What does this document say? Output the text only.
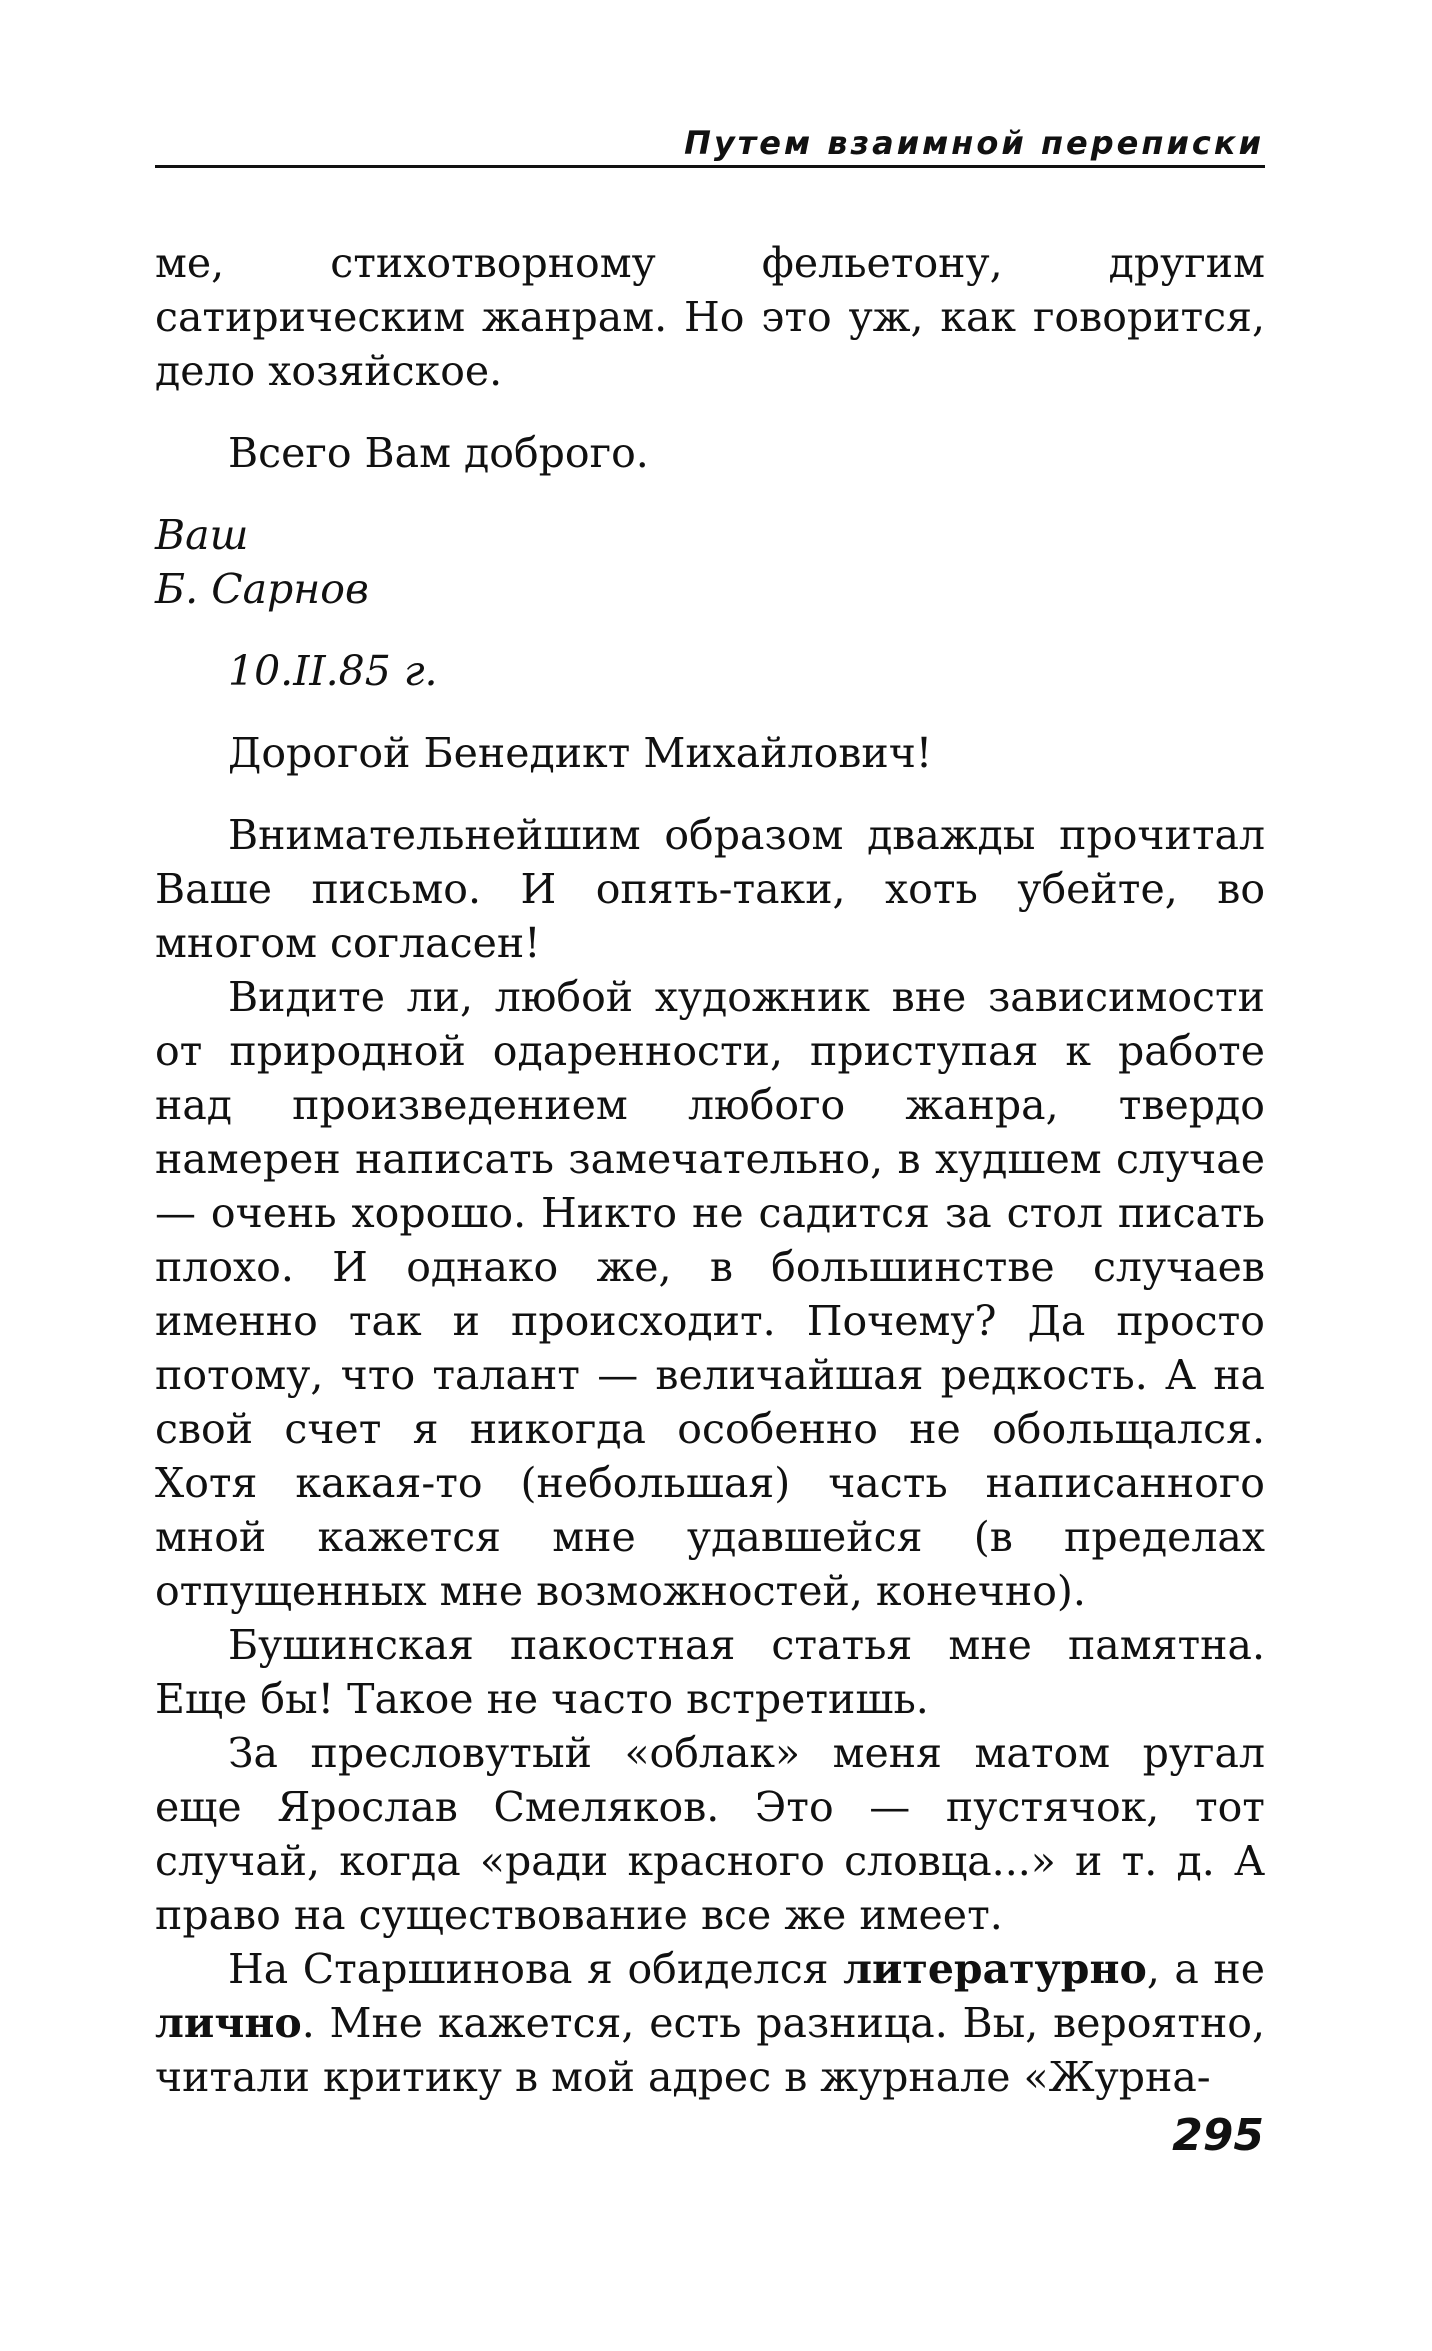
Путем взаимной переписки

ме, стихотворному фельетону, другим сатирическим жанрам. Но это уж, как говорится, дело хозяйское.

Всего Вам доброго.

Ваш

Б. Сарнов

10.II.85 г.

Дорогой Бенедикт Михайлович!

Внимательнейшим образом дважды прочитал Ваше письмо. И опять-таки, хоть убейте, во многом согласен!

Видите ли, любой художник вне зависимости от природной одаренности, приступая к работе над произведением любого жанра, твердо намерен написать замечательно, в худшем случае — очень хорошо. Никто не садится за стол писать плохо. И однако же, в большинстве случаев именно так и происходит. Почему? Да просто потому, что талант — величайшая редкость. А на свой счет я никогда особенно не обольщался. Хотя какая-то (небольшая) часть написанного мной кажется мне удавшейся (в пределах отпущенных мне возможностей, конечно).

Бушинская пакостная статья мне памятна. Еще бы! Такое не часто встретишь.

За пресловутый «облак» меня матом ругал еще Ярослав Смеляков. Это — пустячок, тот случай, когда «ради красного словца...» и т. д. А право на существование все же имеет.

На Старшинова я обиделся литературно, а не лично. Мне кажется, есть разница. Вы, вероятно, читали критику в мой адрес в журнале «Журна-

295
